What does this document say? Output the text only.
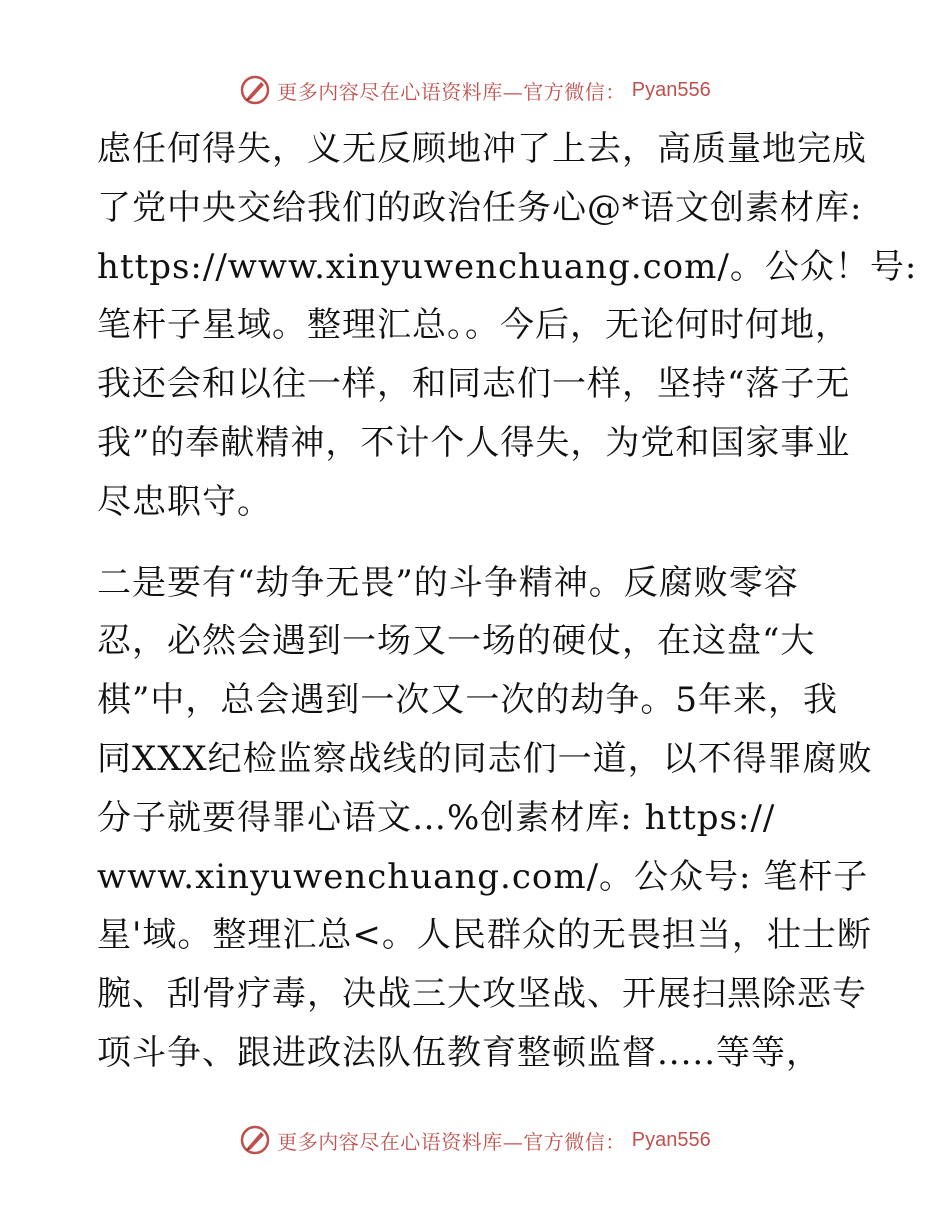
更多内容尽在心语资料库—官方微信： Pyan556
虑任何得失，义无反顾地冲了上去，高质量地完成
了党中央交给我们的政治任务心@*语文创素材库:
https://www.xinyuwenchuang.com/。公众！号:
笔杆子星域。整理汇总。。今后，无论何时何地，
我还会和以往一样，和同志们一样，坚持“落子无
我”的奉献精神，不计个人得失，为党和国家事业
尽忠职守。
二是要有“劫争无畏”的斗争精神。反腐败零容
忍，必然会遇到一场又一场的硬仗，在这盘“大
棋”中，总会遇到一次又一次的劫争。5年来，我
同XXX纪检监察战线的同志们一道，以不得罪腐败
分子就要得罪心语文…%创素材库: https://
www.xinyuwenchuang.com/。公众号: 笔杆子
星'域。整理汇总<。人民群众的无畏担当，壮士断
腕、刮骨疗毒，决战三大攻坚战、开展扫黑除恶专
项斗争、跟进政法队伍教育整顿监督.....等等，
更多内容尽在心语资料库—官方微信： Pyan556
